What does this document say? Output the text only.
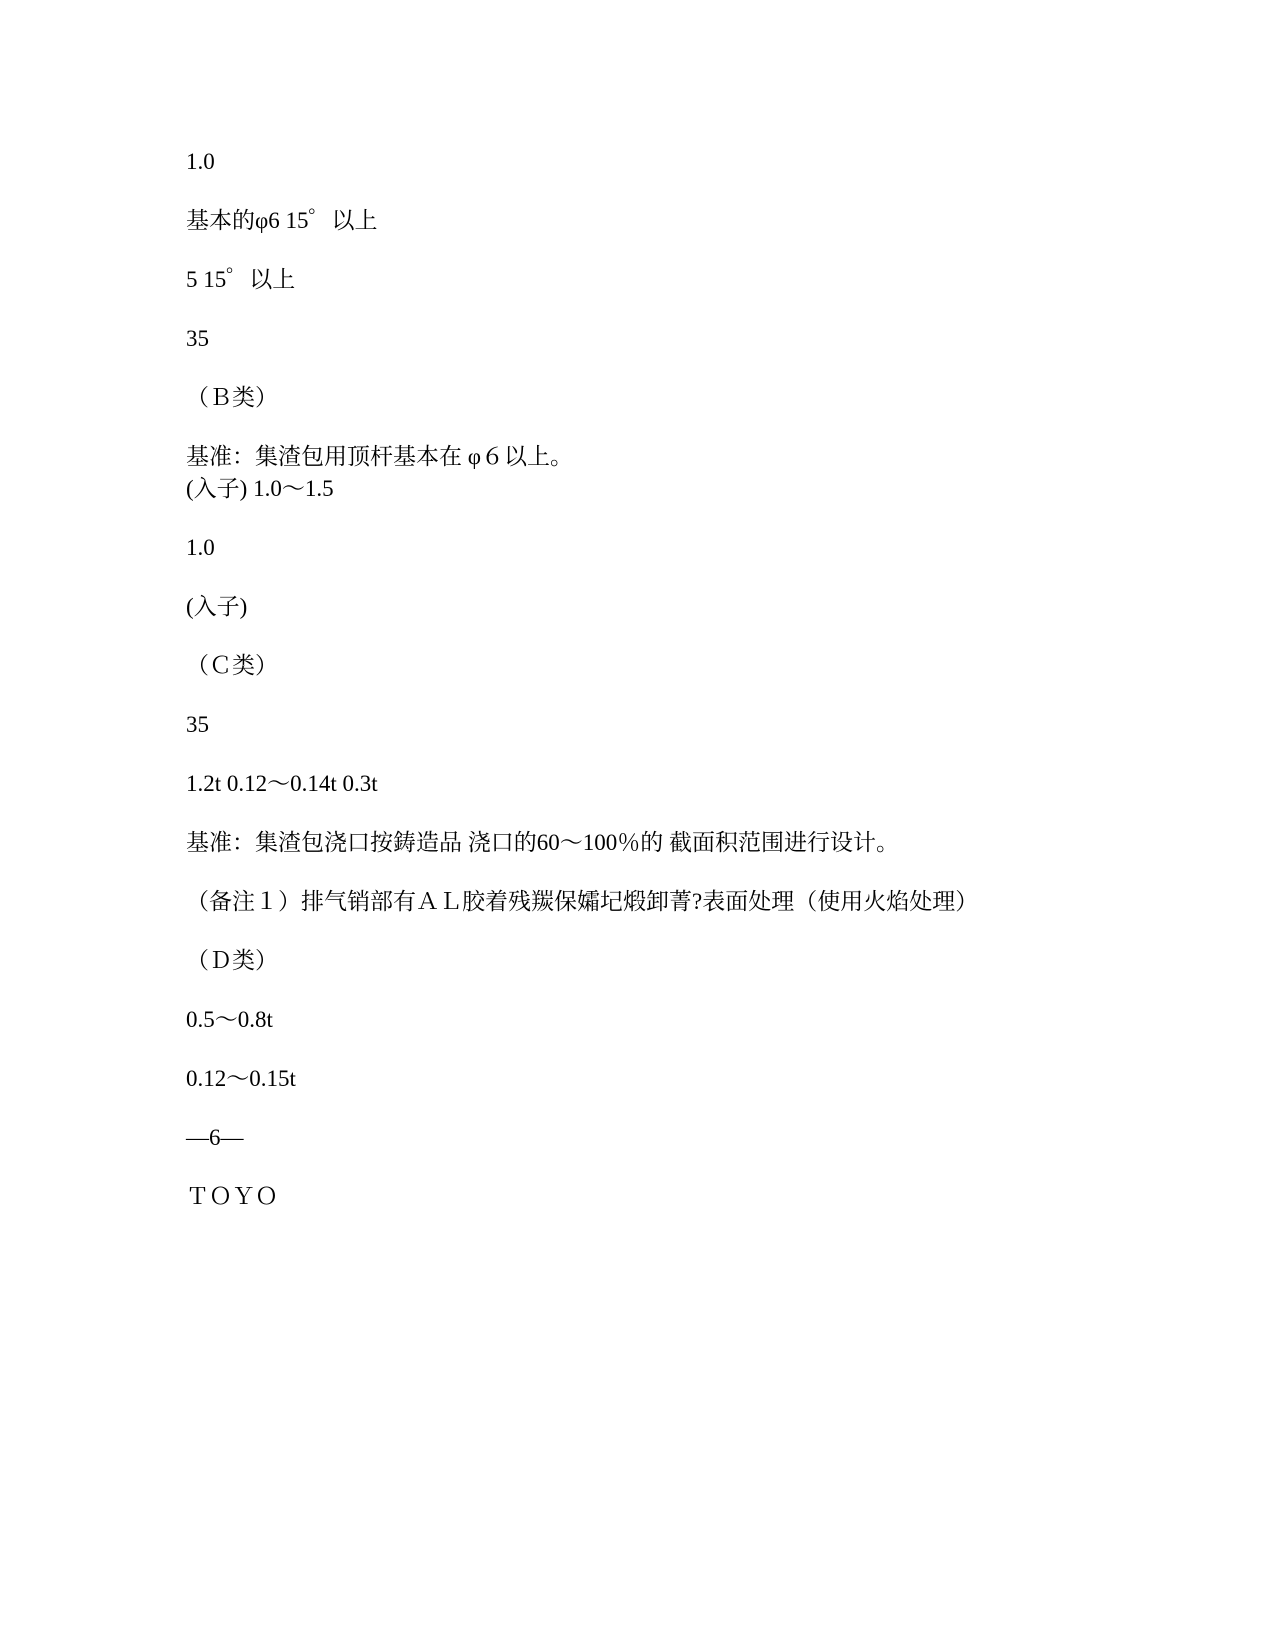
1.0
基本的φ6 15゜以上
5 15゜以上
35
（Ｂ类）
基准：集渣包用顶杆基本在 φ６以上。
(入子) 1.0～1.5
1.0
(入子)
（Ｃ类）
35
1.2t 0.12～0.14t 0.3t
基准：集渣包浇口按鋳造品 浇口的60～100％的 截面积范围进行设计。
（备注１）排气销部有ＡＬ胶着残羰保孀圮煅卸菁?表面处理（使用火焰处理）
（Ｄ类）
0.5～0.8t
0.12～0.15t
—6—
ＴＯＹＯ
